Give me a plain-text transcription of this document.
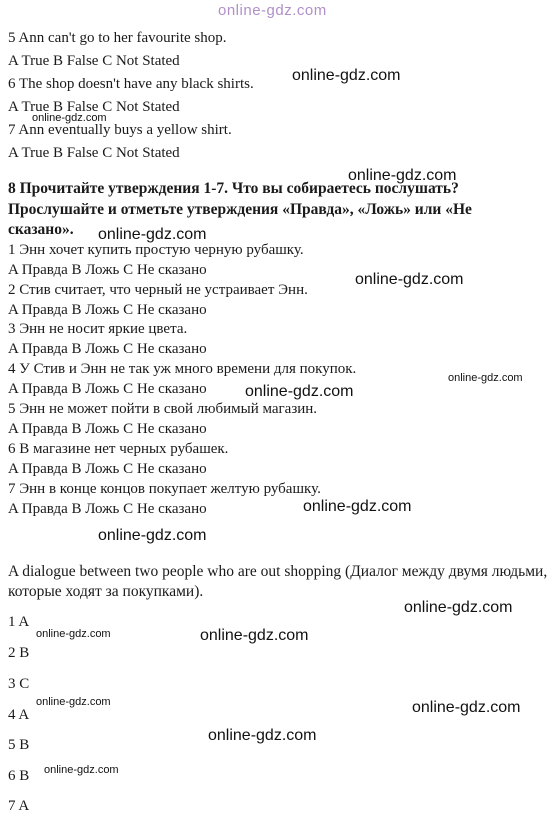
online-gdz.com
5 Ann can't go to her favourite shop.
A True B False C Not Stated
6 The shop doesn't have any black shirts.
A True B False C Not Stated
7 Ann eventually buys a yellow shirt.
A True B False C Not Stated
8 Прочитайте утверждения 1-7. Что вы собираетесь послушать?
Прослушайте и отметьте утверждения «Правда», «Ложь» или «Не
сказано».
1 Энн хочет купить простую черную рубашку.
A Правда B Ложь C Не сказано
2 Стив считает, что черный не устраивает Энн.
A Правда B Ложь C Не сказано
3 Энн не носит яркие цвета.
A Правда B Ложь C Не сказано
4 У Стив и Энн не так уж много времени для покупок.
A Правда B Ложь C Не сказано
5 Энн не может пойти в свой любимый магазин.
A Правда B Ложь C Не сказано
6 В магазине нет черных рубашек.
A Правда B Ложь C Не сказано
7 Энн в конце концов покупает желтую рубашку.
A Правда B Ложь C Не сказано
A dialogue between two people who are out shopping (Диалог между двумя людьми, которые ходят за покупками).
1 A
2 B
3 C
4 A
5 B
6 B
7 A
online-gdz.com
online-gdz.com
online-gdz.com
online-gdz.com
online-gdz.com
online-gdz.com
online-gdz.com
online-gdz.com
online-gdz.com
online-gdz.com
online-gdz.com	online-gdz.com
online-gdz.com	online-gdz.com
online-gdz.com
online-gdz.com
